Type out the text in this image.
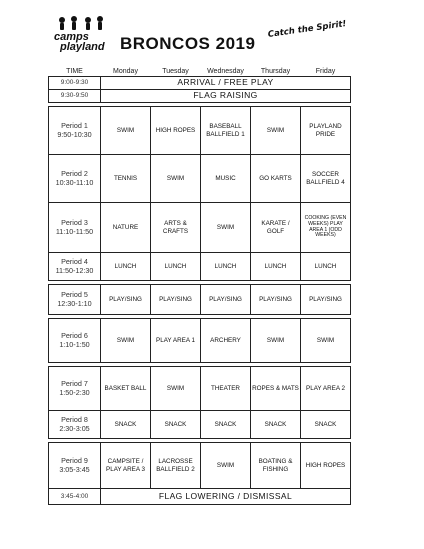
camps
playland BRONCOS 2019
Catch the Spirit!
TIME	Monday	Tuesday	Wednesday	Thursday	Friday
9:00-9:30	ARRIVAL / FREE PLAY				
9:30-9:50	FLAG RAISING				

Period 1
9:50-10:30	SWIM	HIGH ROPES	BASEBALL BALLFIELD 1	SWIM	PLAYLAND PRIDE
Period 2
10:30-11:10	TENNIS	SWIM	MUSIC	GO KARTS	SOCCER BALLFIELD 4
Period 3
11:10-11:50	NATURE	ARTS & CRAFTS	SWIM	KARATE / GOLF	COOKING (EVEN WEEKS) PLAY AREA 1 (ODD WEEKS)
Period 4
11:50-12:30	LUNCH	LUNCH	LUNCH	LUNCH	LUNCH

Period 5
12:30-1:10	PLAY/SING	PLAY/SING	PLAY/SING	PLAY/SING	PLAY/SING

Period 6
1:10-1:50	SWIM	PLAY AREA 1	ARCHERY	SWIM	SWIM

Period 7
1:50-2:30	BASKET BALL	SWIM	THEATER	ROPES & MATS	PLAY AREA 2
Period 8
2:30-3:05	SNACK	SNACK	SNACK	SNACK	SNACK

Period 9
3:05-3:45	CAMPSITE / PLAY AREA 3	LACROSSE BALLFIELD 2	SWIM	BOATING & FISHING	HIGH ROPES
3:45-4:00	FLAG LOWERING / DISMISSAL				
